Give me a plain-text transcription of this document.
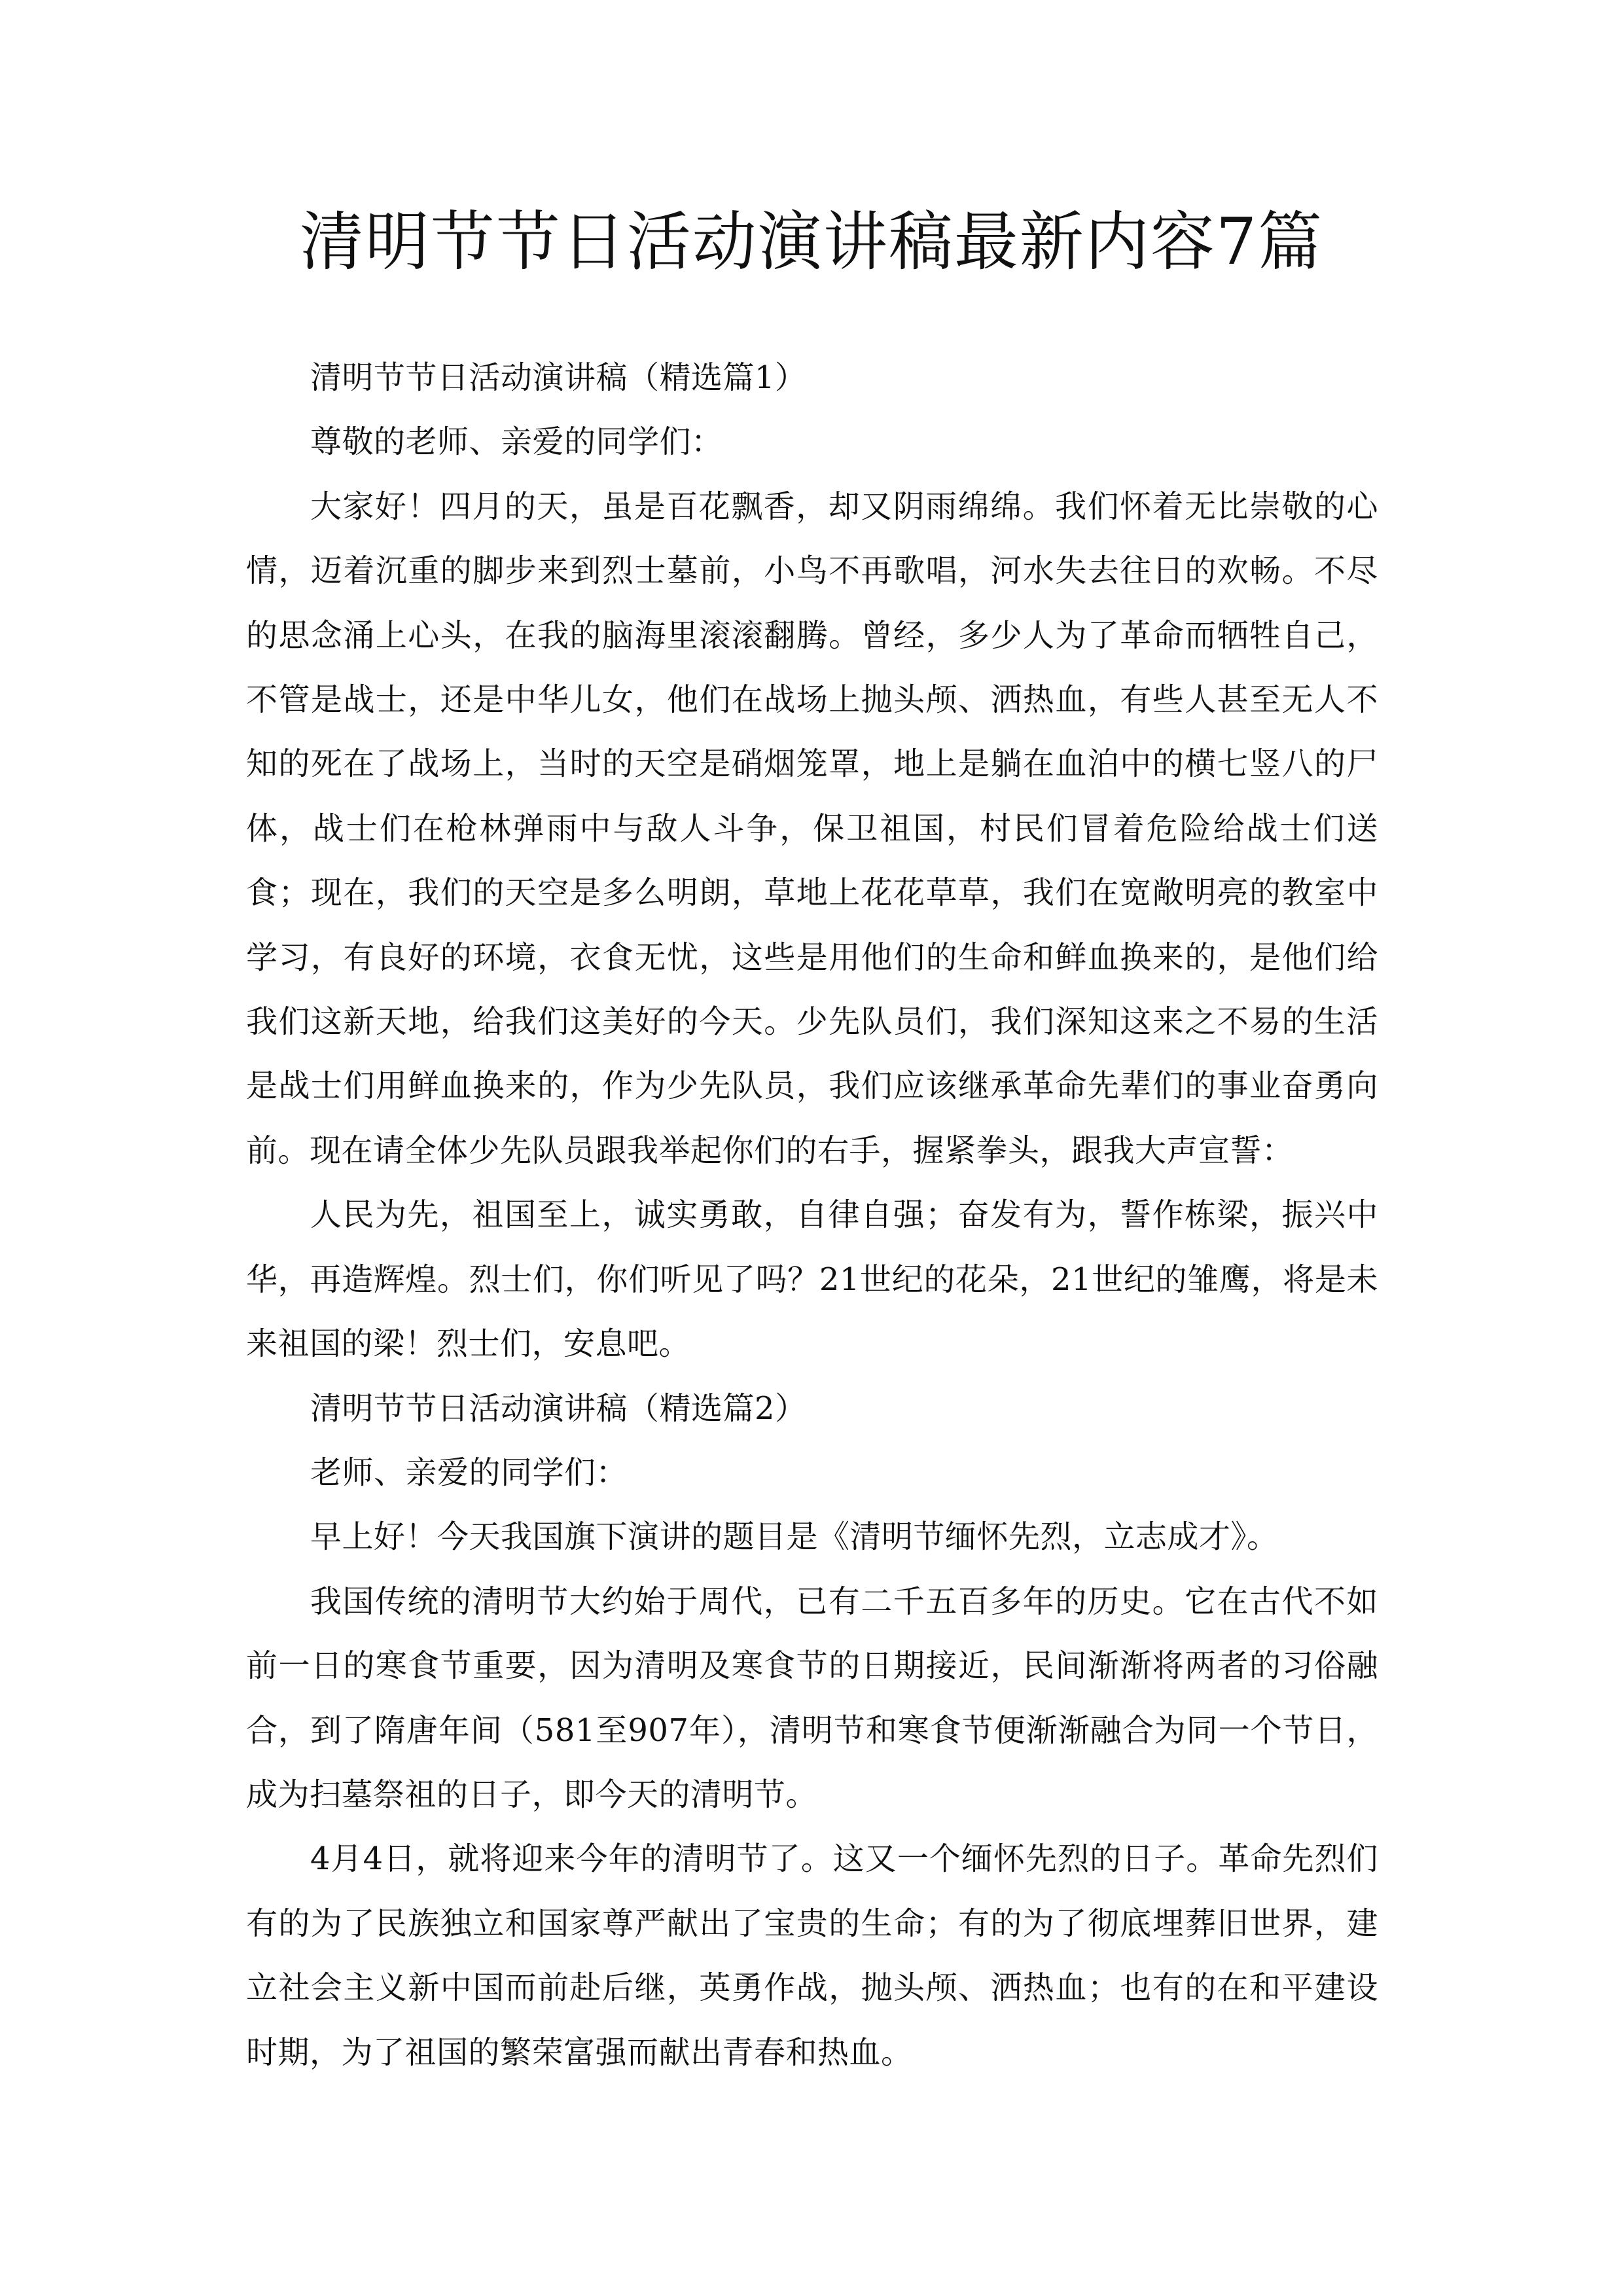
清明节节日活动演讲稿最新内容7篇

清明节节日活动演讲稿（精选篇1）

尊敬的老师、亲爱的同学们：

大家好！四月的天，虽是百花飘香，却又阴雨绵绵。我们怀着无比崇敬的心情，迈着沉重的脚步来到烈士墓前，小鸟不再歌唱，河水失去往日的欢畅。不尽的思念涌上心头，在我的脑海里滚滚翻腾。曾经，多少人为了革命而牺牲自己，不管是战士，还是中华儿女，他们在战场上抛头颅、洒热血，有些人甚至无人不知的死在了战场上，当时的天空是硝烟笼罩，地上是躺在血泊中的横七竖八的尸体，战士们在枪林弹雨中与敌人斗争，保卫祖国，村民们冒着危险给战士们送食；现在，我们的天空是多么明朗，草地上花花草草，我们在宽敞明亮的教室中学习，有良好的环境，衣食无忧，这些是用他们的生命和鲜血换来的，是他们给我们这新天地，给我们这美好的今天。少先队员们，我们深知这来之不易的生活是战士们用鲜血换来的，作为少先队员，我们应该继承革命先辈们的事业奋勇向前。现在请全体少先队员跟我举起你们的右手，握紧拳头，跟我大声宣誓：

人民为先，祖国至上，诚实勇敢，自律自强；奋发有为，誓作栋梁，振兴中华，再造辉煌。烈士们，你们听见了吗？21世纪的花朵，21世纪的雏鹰，将是未来祖国的梁！烈士们，安息吧。

清明节节日活动演讲稿（精选篇2）

老师、亲爱的同学们：

早上好！今天我国旗下演讲的题目是《清明节缅怀先烈，立志成才》。

我国传统的清明节大约始于周代，已有二千五百多年的历史。它在古代不如前一日的寒食节重要，因为清明及寒食节的日期接近，民间渐渐将两者的习俗融合，到了隋唐年间（581至907年），清明节和寒食节便渐渐融合为同一个节日，成为扫墓祭祖的日子，即今天的清明节。

4月4日，就将迎来今年的清明节了。这又一个缅怀先烈的日子。革命先烈们有的为了民族独立和国家尊严献出了宝贵的生命；有的为了彻底埋葬旧世界，建立社会主义新中国而前赴后继，英勇作战，抛头颅、洒热血；也有的在和平建设时期，为了祖国的繁荣富强而献出青春和热血。
